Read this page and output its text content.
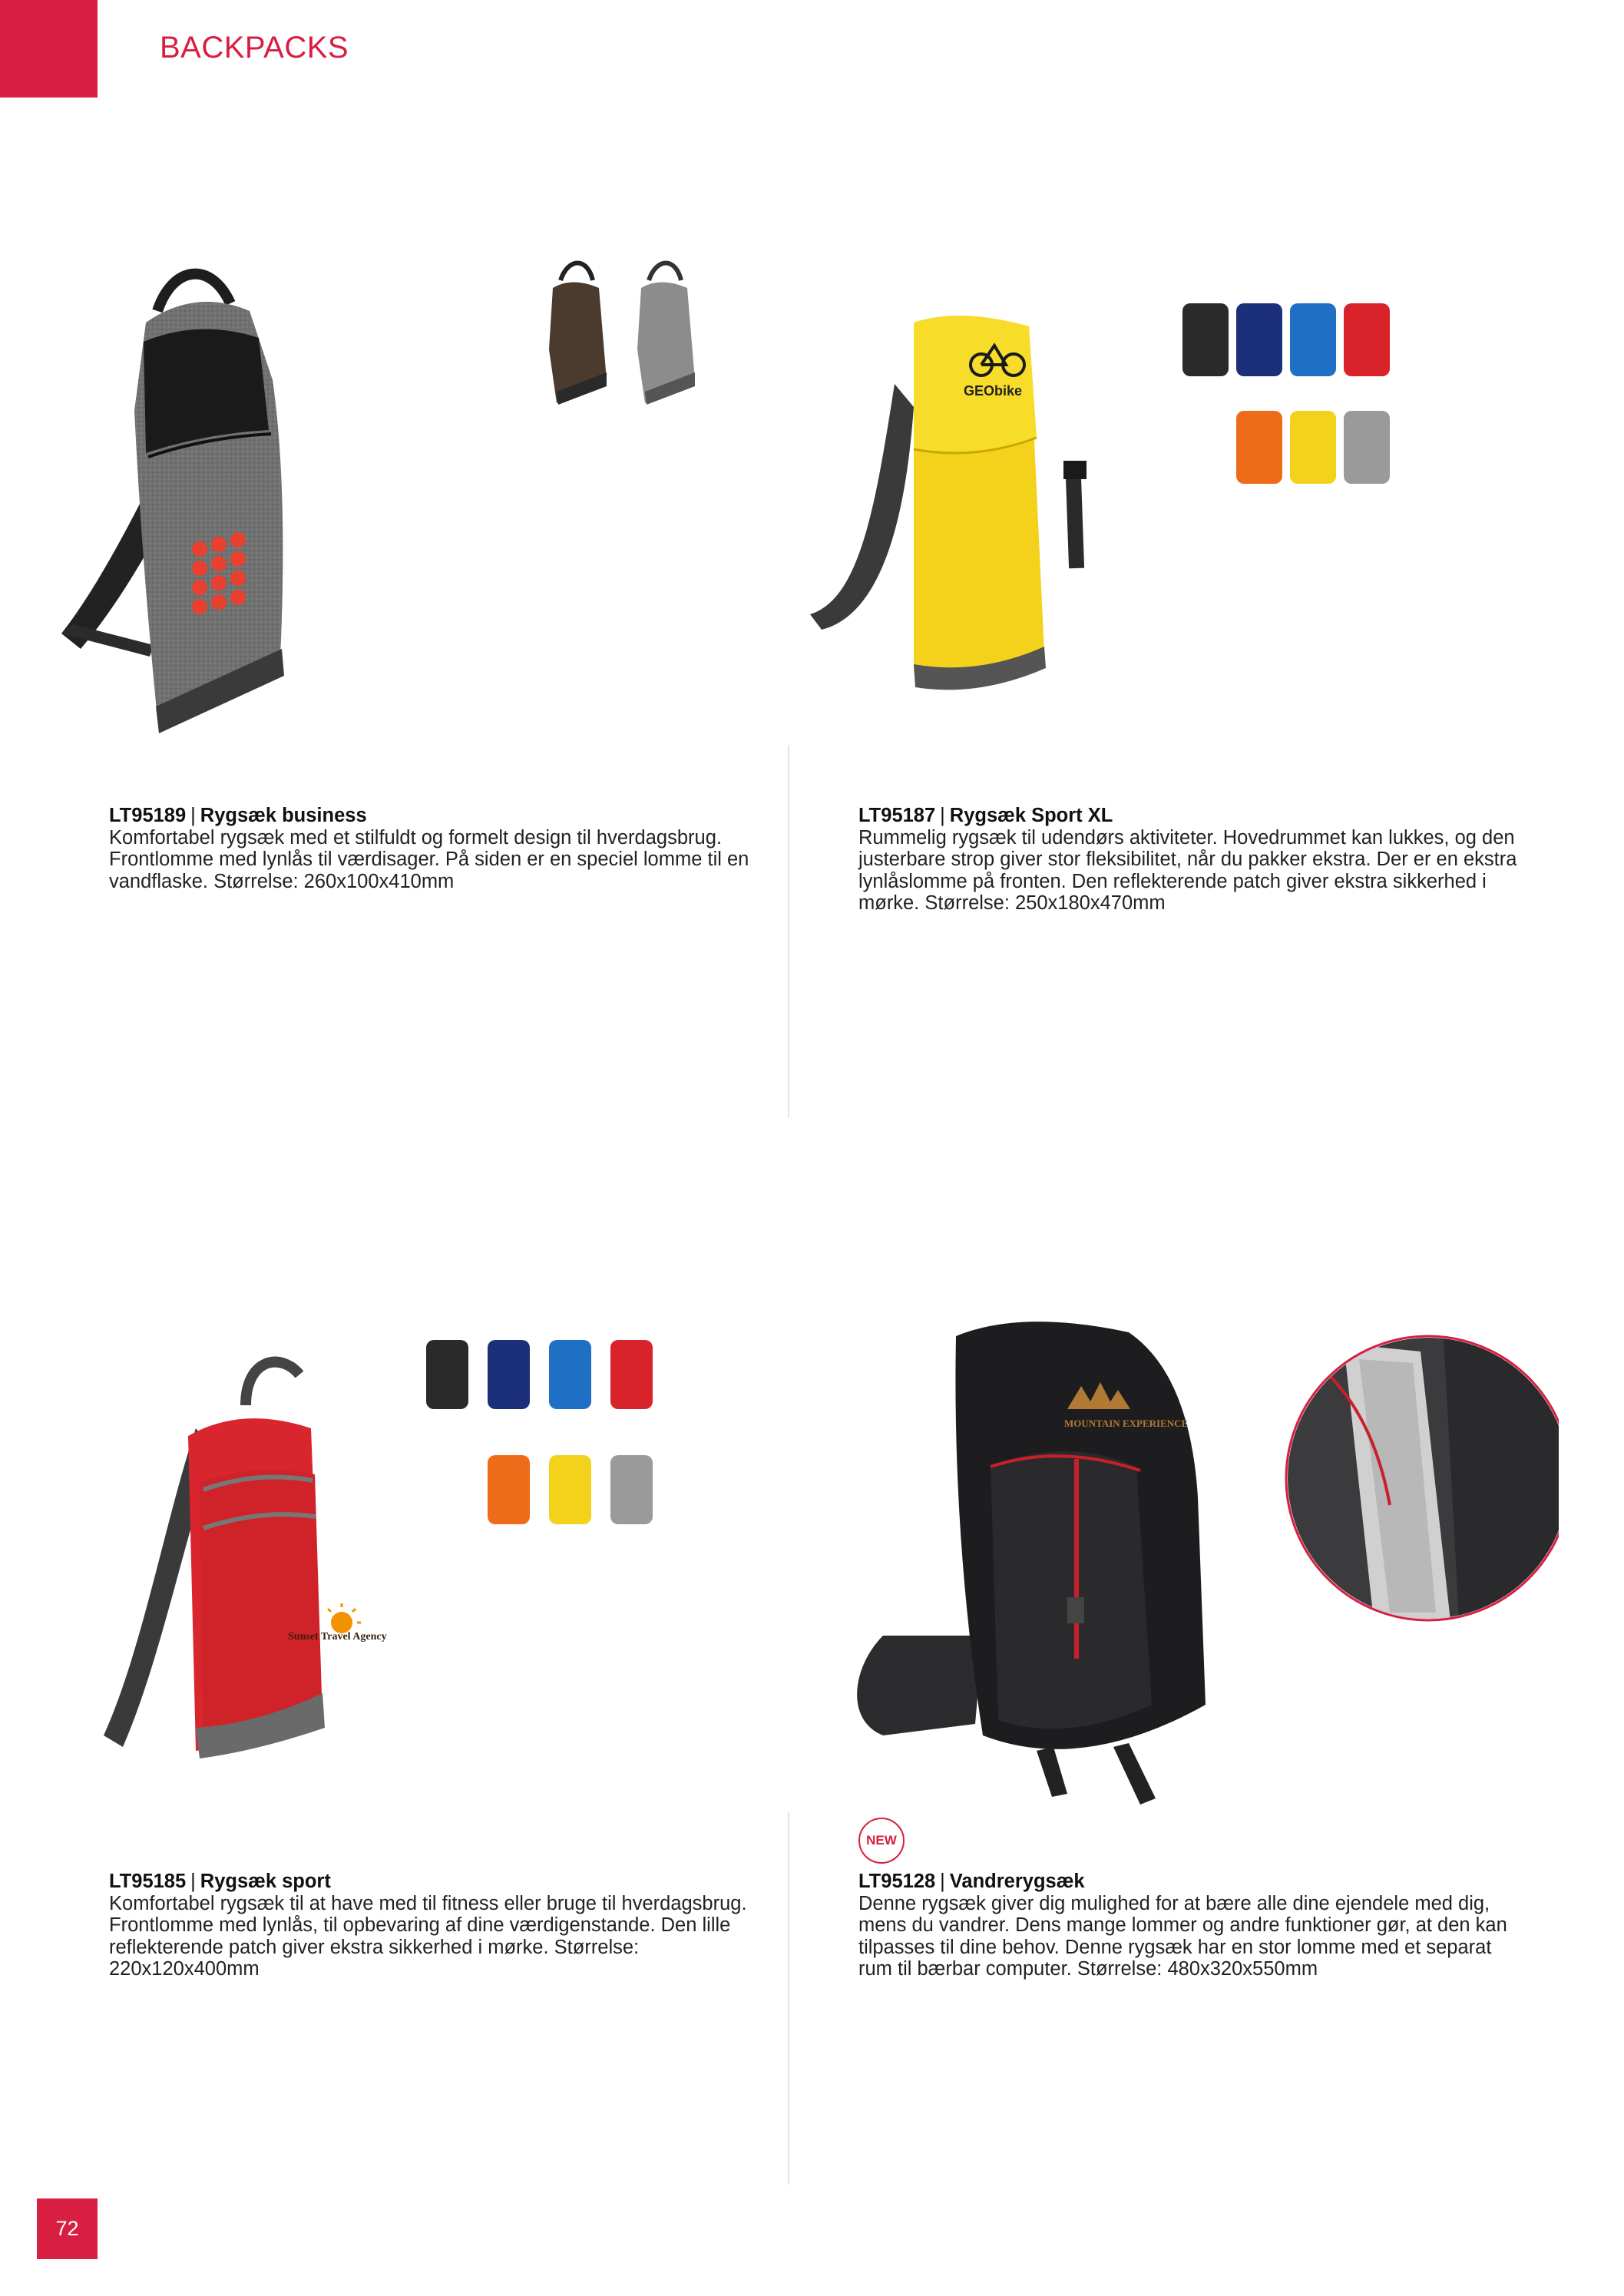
BACKPACKS
GEObike

LT95189 | Rygsæk business

Komfortabel rygsæk med et stilfuldt og formelt design til hverdagsbrug. Frontlomme med lynlås til værdisager. På siden er en speciel lomme til en vandflaske. Størrelse: 260x100x410mm

LT95187 | Rygsæk Sport XL

Rummelig rygsæk til udendørs aktiviteter. Hovedrummet kan lukkes, og den justerbare strop giver stor fleksibilitet, når du pakker ekstra. Der er en ekstra lynlåslomme på fronten. Den reflekterende patch giver ekstra sikkerhed i mørke. Størrelse: 250x180x470mm

Sunset Travel Agency
MOUNTAIN EXPERIENCE
NEW

LT95185 | Rygsæk sport

Komfortabel rygsæk til at have med til fitness eller bruge til hverdagsbrug. Frontlomme med lynlås, til opbevaring af dine værdigenstande. Den lille reflekterende patch giver ekstra sikkerhed i mørke. Størrelse: 220x120x400mm

LT95128 | Vandrerygsæk

Denne rygsæk giver dig mulighed for at bære alle dine ejendele med dig, mens du vandrer. Dens mange lommer og andre funktioner gør, at den kan tilpasses til dine behov. Denne rygsæk har en stor lomme med et separat rum til bærbar computer. Størrelse: 480x320x550mm

72
